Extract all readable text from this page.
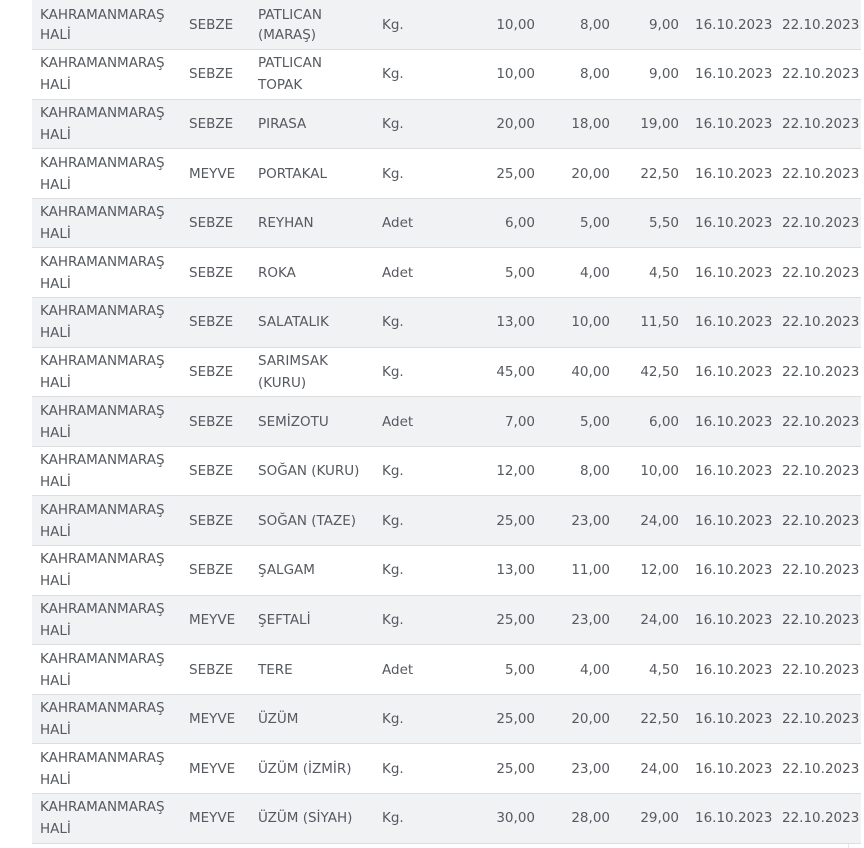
KAHRAMANMARAŞ HALİ	SEBZE	PATLICAN (MARAŞ)	Kg.	10,00	8,00	9,00	16.10.2023	22.10.2023
KAHRAMANMARAŞ HALİ	SEBZE	PATLICAN TOPAK	Kg.	10,00	8,00	9,00	16.10.2023	22.10.2023
KAHRAMANMARAŞ HALİ	SEBZE	PIRASA	Kg.	20,00	18,00	19,00	16.10.2023	22.10.2023
KAHRAMANMARAŞ HALİ	MEYVE	PORTAKAL	Kg.	25,00	20,00	22,50	16.10.2023	22.10.2023
KAHRAMANMARAŞ HALİ	SEBZE	REYHAN	Adet	6,00	5,00	5,50	16.10.2023	22.10.2023
KAHRAMANMARAŞ HALİ	SEBZE	ROKA	Adet	5,00	4,00	4,50	16.10.2023	22.10.2023
KAHRAMANMARAŞ HALİ	SEBZE	SALATALIK	Kg.	13,00	10,00	11,50	16.10.2023	22.10.2023
KAHRAMANMARAŞ HALİ	SEBZE	SARIMSAK (KURU)	Kg.	45,00	40,00	42,50	16.10.2023	22.10.2023
KAHRAMANMARAŞ HALİ	SEBZE	SEMİZOTU	Adet	7,00	5,00	6,00	16.10.2023	22.10.2023
KAHRAMANMARAŞ HALİ	SEBZE	SOĞAN (KURU)	Kg.	12,00	8,00	10,00	16.10.2023	22.10.2023
KAHRAMANMARAŞ HALİ	SEBZE	SOĞAN (TAZE)	Kg.	25,00	23,00	24,00	16.10.2023	22.10.2023
KAHRAMANMARAŞ HALİ	SEBZE	ŞALGAM	Kg.	13,00	11,00	12,00	16.10.2023	22.10.2023
KAHRAMANMARAŞ HALİ	MEYVE	ŞEFTALİ	Kg.	25,00	23,00	24,00	16.10.2023	22.10.2023
KAHRAMANMARAŞ HALİ	SEBZE	TERE	Adet	5,00	4,00	4,50	16.10.2023	22.10.2023
KAHRAMANMARAŞ HALİ	MEYVE	ÜZÜM	Kg.	25,00	20,00	22,50	16.10.2023	22.10.2023
KAHRAMANMARAŞ HALİ	MEYVE	ÜZÜM (İZMİR)	Kg.	25,00	23,00	24,00	16.10.2023	22.10.2023
KAHRAMANMARAŞ HALİ	MEYVE	ÜZÜM (SİYAH)	Kg.	30,00	28,00	29,00	16.10.2023	22.10.2023
